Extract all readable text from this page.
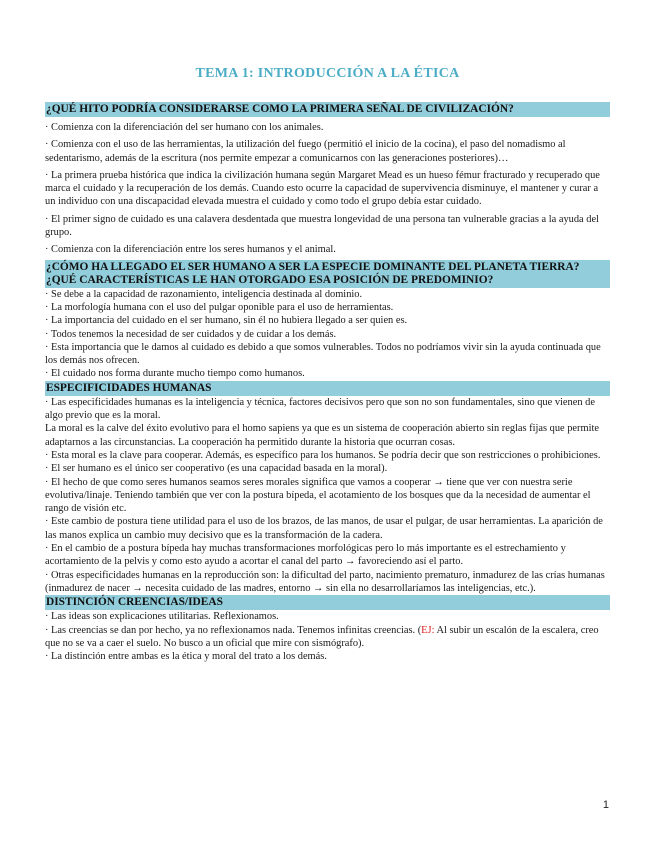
TEMA 1: INTRODUCCIÓN A LA ÉTICA
¿QUÉ HITO PODRÍA CONSIDERARSE COMO LA PRIMERA SEÑAL DE CIVILIZACIÓN?

· Comienza con la diferenciación del ser humano con los animales.

· Comienza con el uso de las herramientas, la utilización del fuego (permitió el inicio de la cocina), el paso del nomadismo al sedentarismo, además de la escritura (nos permite empezar a comunicarnos con las generaciones posteriores)…

· La primera prueba histórica que indica la civilización humana según Margaret Mead es un hueso fémur fracturado y recuperado que marca el cuidado y la recuperación de los demás. Cuando esto ocurre la capacidad de supervivencia disminuye, el mantener y curar a un individuo con una discapacidad elevada muestra el cuidado y como todo el grupo debía estar cuidado.

· El primer signo de cuidado es una calavera desdentada que muestra longevidad de una persona tan vulnerable gracias a la ayuda del grupo.

· Comienza con la diferenciación entre los seres humanos y el animal.

¿CÓMO HA LLEGADO EL SER HUMANO A SER LA ESPECIE DOMINANTE DEL PLANETA TIERRA? ¿QUÉ CARACTERÍSTICAS LE HAN OTORGADO ESA POSICIÓN DE PREDOMINIO?

· Se debe a la capacidad de razonamiento, inteligencia destinada al dominio.

· La morfología humana con el uso del pulgar oponible para el uso de herramientas.

· La importancia del cuidado en el ser humano, sin él no hubiera llegado a ser quien es.

· Todos tenemos la necesidad de ser cuidados y de cuidar a los demás.

· Esta importancia que le damos al cuidado es debido a que somos vulnerables. Todos no podríamos vivir sin la ayuda continuada que los demás nos ofrecen.

· El cuidado nos forma durante mucho tiempo como humanos.

ESPECIFICIDADES HUMANAS

· Las especificidades humanas es la inteligencia y técnica, factores decisivos pero que son no son fundamentales, sino que vienen de algo previo que es la moral.

La moral es la calve del éxito evolutivo para el homo sapiens ya que es un sistema de cooperación abierto sin reglas fijas que permite adaptarnos a las circunstancias. La cooperación ha permitido durante la historia que ocurran cosas.

· Esta moral es la clave para cooperar. Además, es específico para los humanos. Se podría decir que son restricciones o prohibiciones.

· El ser humano es el único ser cooperativo (es una capacidad basada en la moral).

· El hecho de que como seres humanos seamos seres morales significa que vamos a cooperar → tiene que ver con nuestra serie evolutiva/linaje. Teniendo también que ver con la postura bípeda, el acotamiento de los bosques que da la necesidad de aumentar el rango de visión etc.

· Este cambio de postura tiene utilidad para el uso de los brazos, de las manos, de usar el pulgar, de usar herramientas. La aparición de las manos explica un cambio muy decisivo que es la transformación de la cadera.

· En el cambio de a postura bípeda hay muchas transformaciones morfológicas pero lo más importante es el estrechamiento y acortamiento de la pelvis y como esto ayudo a acortar el canal del parto → favoreciendo así el parto.

· Otras especificidades humanas en la reproducción son: la dificultad del parto, nacimiento prematuro, inmadurez de las crías humanas (inmadurez de nacer → necesita cuidado de las madres, entorno → sin ella no desarrollaríamos las inteligencias, etc.).

DISTINCIÓN CREENCIAS/IDEAS

· Las ideas son explicaciones utilitarias. Reflexionamos.

· Las creencias se dan por hecho, ya no reflexionamos nada. Tenemos infinitas creencias. (EJ: Al subir un escalón de la escalera, creo que no se va a caer el suelo. No busco a un oficial que mire con sismógrafo).

· La distinción entre ambas es la ética y moral del trato a los demás.

1
